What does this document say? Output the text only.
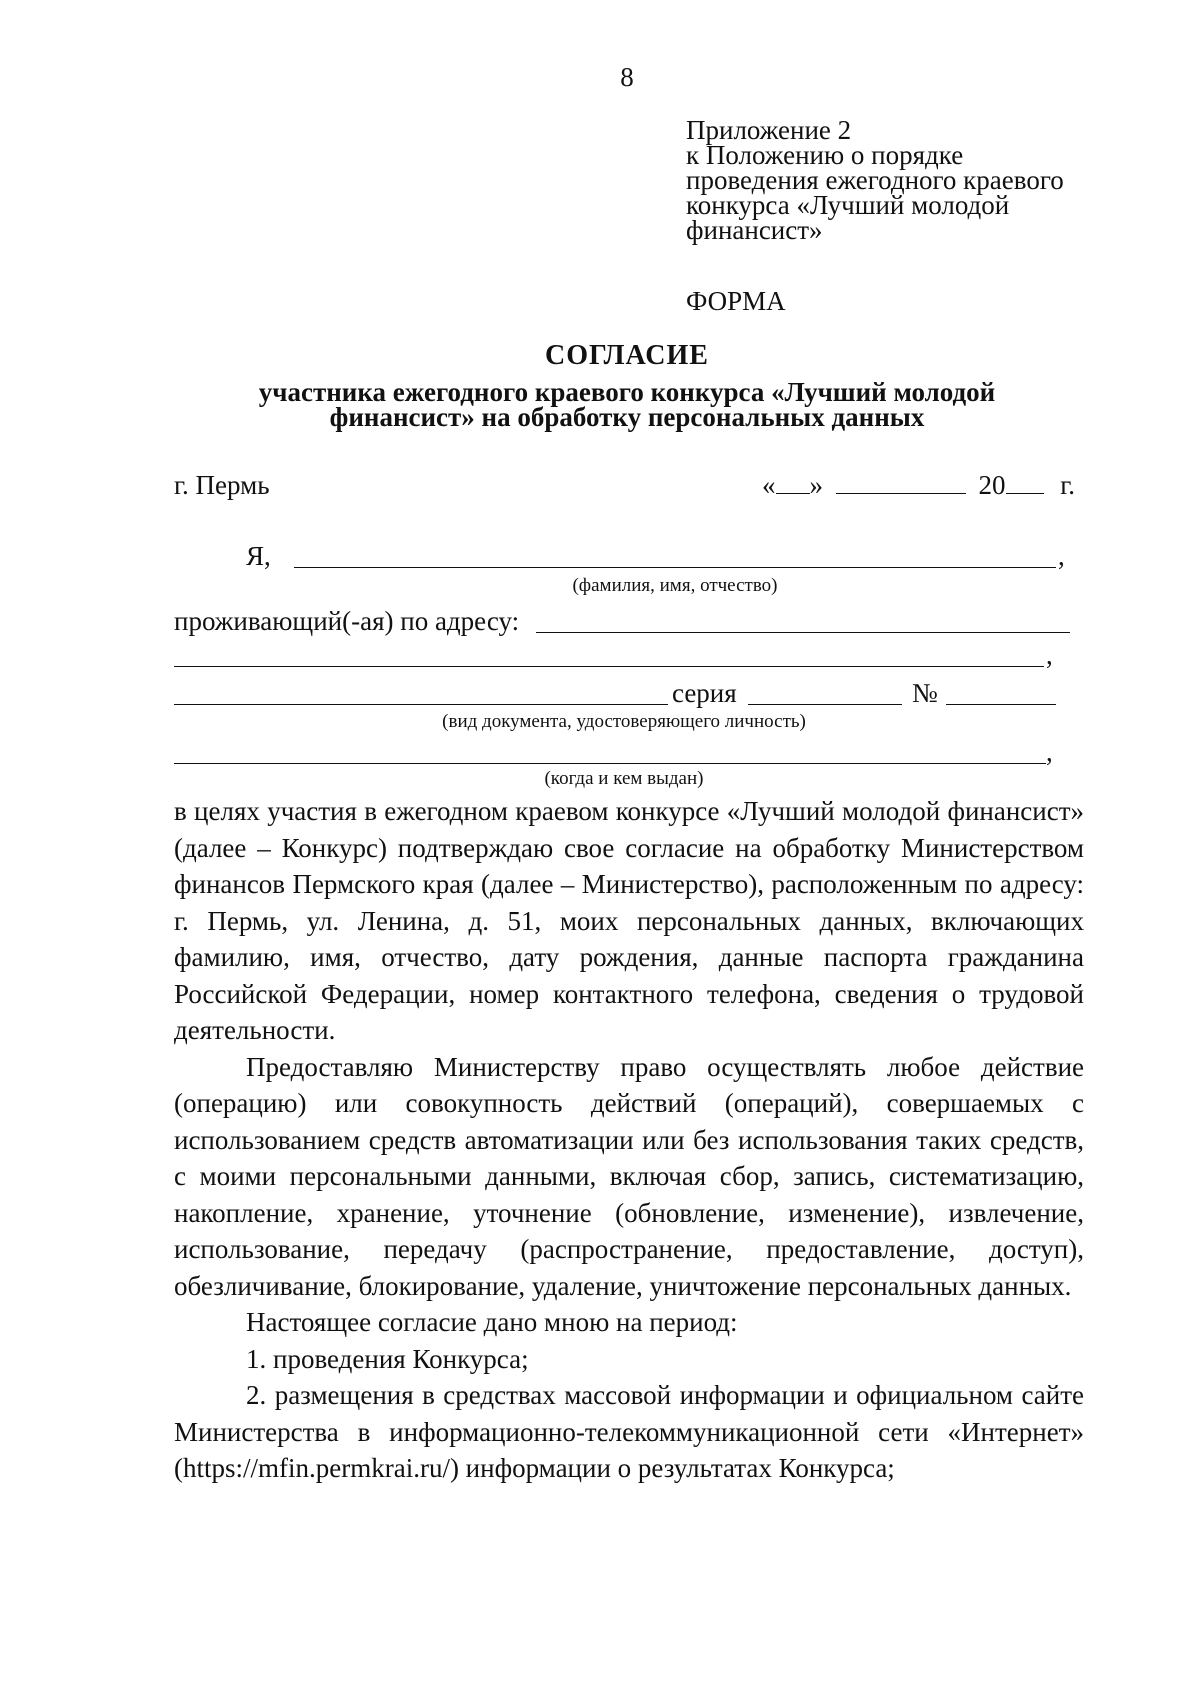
8
Приложение 2
к Положению о порядке
проведения ежегодного краевого
конкурса «Лучший молодой
финансист»
ФОРМА
СОГЛАСИЕ
участника ежегодного краевого конкурса «Лучший молодой
финансист» на обработку персональных данных
г. Пермь	« »	20 г.
Я,	,
(фамилия, имя, отчество)
проживающий(-ая) по адресу:
,
серия	№
(вид документа, удостоверяющего личность)
,
(когда и кем выдан)

в целях участия в ежегодном краевом конкурсе «Лучший молодой финансист» (далее – Конкурс) подтверждаю свое согласие на обработку Министерством финансов Пермского края (далее – Министерство), расположенным по адресу: г. Пермь, ул. Ленина, д. 51, моих персональных данных, включающих фамилию, имя, отчество, дату рождения, данные паспорта гражданина Российской Федерации, номер контактного телефона, сведения о трудовой деятельности.

Предоставляю Министерству право осуществлять любое действие (операцию) или совокупность действий (операций), совершаемых с использованием средств автоматизации или без использования таких средств, с моими персональными данными, включая сбор, запись, систематизацию, накопление, хранение, уточнение (обновление, изменение), извлечение, использование, передачу (распространение, предоставление, доступ), обезличивание, блокирование, удаление, уничтожение персональных данных.

Настоящее согласие дано мною на период:

1. проведения Конкурса;

2. размещения в средствах массовой информации и официальном сайте Министерства в информационно-телекоммуникационной сети «Интернет» (https://mfin.permkrai.ru/) информации о результатах Конкурса;
